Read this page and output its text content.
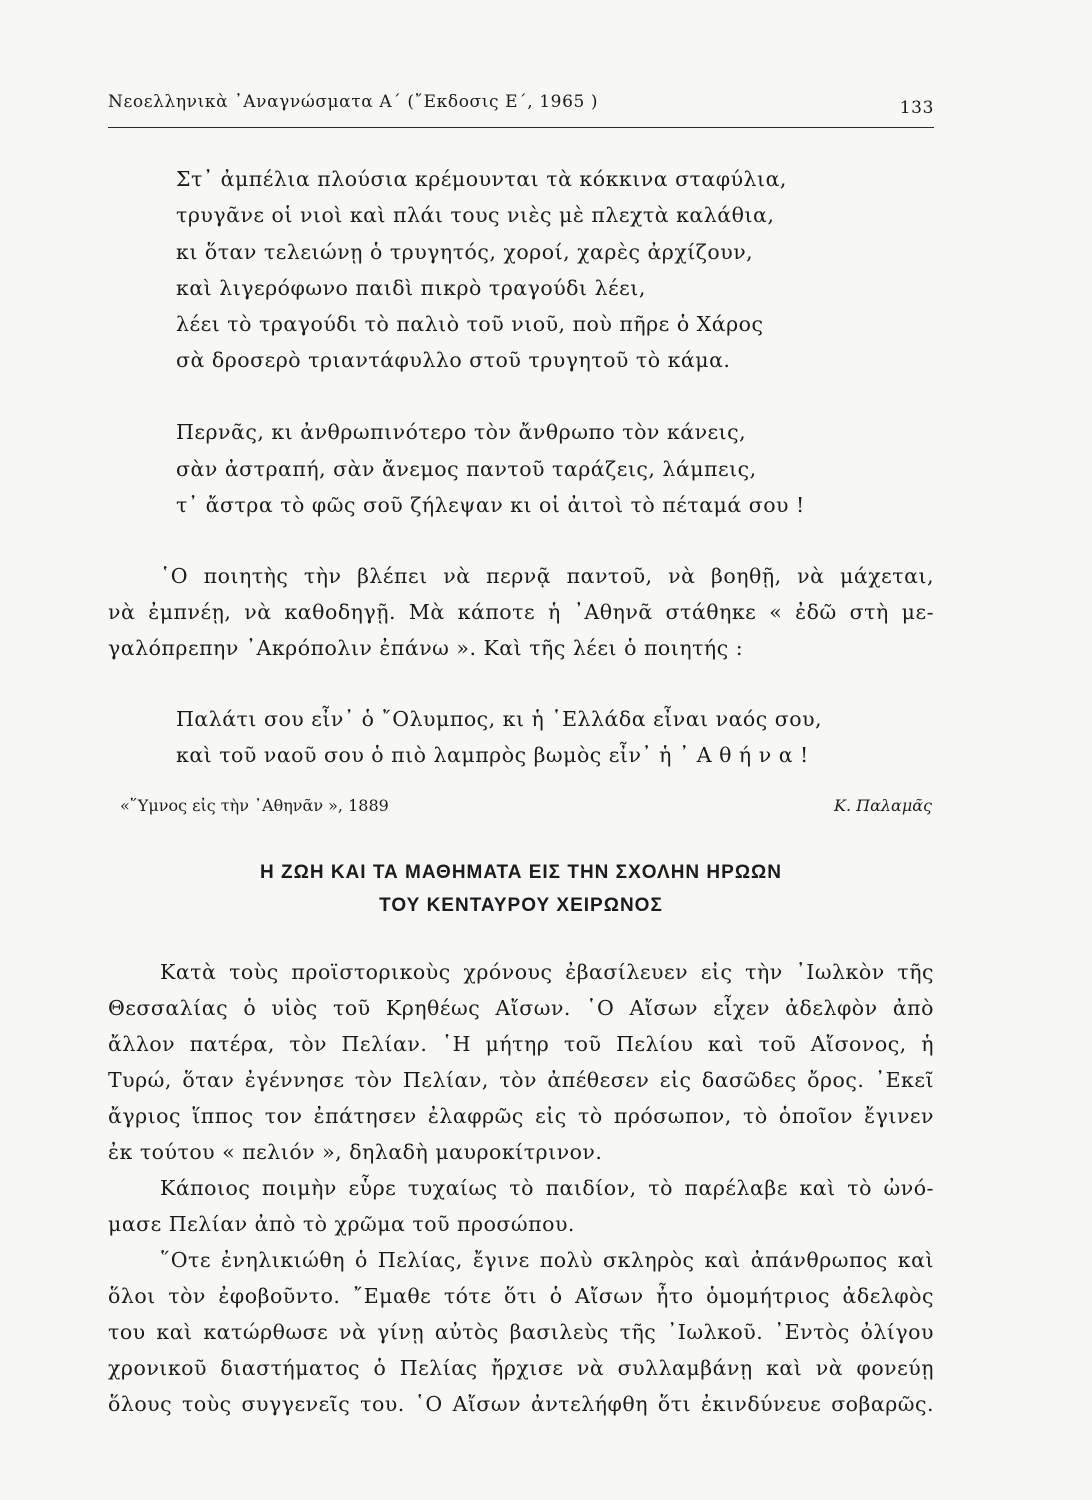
Νεοελληνικὰ ᾿Αναγνώσματα Α΄ (῎Εκδοσις Ε΄, 1965 )	133
Στ᾿ ἀμπέλια πλούσια κρέμουνται τὰ κόκκινα σταφύλια,
τρυγᾶνε οἱ νιοὶ καὶ πλάι τους νιὲς μὲ πλεχτὰ καλάθια,
κι ὅταν τελειώνῃ ὁ τρυγητός, χοροί, χαρὲς ἀρχίζουν,
καὶ λιγερόφωνο παιδὶ πικρὸ τραγούδι λέει,
λέει τὸ τραγούδι τὸ παλιὸ τοῦ νιοῦ, ποὺ πῆρε ὁ Χάρος
σὰ δροσερὸ τριαντάφυλλο στοῦ τρυγητοῦ τὸ κάμα.
Περνᾶς, κι ἀνθρωπινότερο τὸν ἄνθρωπο τὸν κάνεις,
σὰν ἀστραπή, σὰν ἄνεμος παντοῦ ταράζεις, λάμπεις,
τ᾿ ἄστρα τὸ φῶς σοῦ ζήλεψαν κι οἱ ἀιτοὶ τὸ πέταμά σου !
῾Ο ποιητὴς τὴν βλέπει νὰ περνᾷ παντοῦ, νὰ βοηθῇ, νὰ μάχεται,
νὰ ἐμπνέῃ, νὰ καθοδηγῇ. Μὰ κάποτε ἡ ᾿Αθηνᾶ στάθηκε « ἐδῶ στὴ με-
γαλόπρεπην ᾿Ακρόπολιν ἐπάνω ». Καὶ τῆς λέει ὁ ποιητής :
Παλάτι σου εἶν᾿ ὁ ῎Ολυμπος, κι ἡ ῾Ελλάδα εἶναι ναός σου,
καὶ τοῦ ναοῦ σου ὁ πιὸ λαμπρὸς βωμὸς εἶν᾿ ἡ ᾿ Α θ ή ν α !
«῞Υμνος εἰς τὴν ᾿Αθηνᾶν », 1889	Κ. Παλαμᾶς
Η ΖΩΗ ΚΑΙ ΤΑ ΜΑΘΗΜΑΤΑ ΕΙΣ ΤΗΝ ΣΧΟΛΗΝ ΗΡΩΩΝ
ΤΟΥ ΚΕΝΤΑΥΡΟΥ ΧΕΙΡΩΝΟΣ
Κατὰ τοὺς προϊστορικοὺς χρόνους ἐβασίλευεν εἰς τὴν ᾿Ιωλκὸν τῆς
Θεσσαλίας ὁ υἱὸς τοῦ Κρηθέως Αἴσων. ῾Ο Αἴσων εἶχεν ἀδελφὸν ἀπὸ
ἄλλον πατέρα, τὸν Πελίαν. ῾Η μήτηρ τοῦ Πελίου καὶ τοῦ Αἴσονος, ἡ
Τυρώ, ὅταν ἐγέννησε τὸν Πελίαν, τὸν ἀπέθεσεν εἰς δασῶδες ὄρος. ᾿Εκεῖ
ἄγριος ἵππος τον ἐπάτησεν ἐλαφρῶς εἰς τὸ πρόσωπον, τὸ ὁποῖον ἔγινεν
ἐκ τούτου « πελιόν », δηλαδὴ μαυροκίτρινον.
Κάποιος ποιμὴν εὗρε τυχαίως τὸ παιδίον, τὸ παρέλαβε καὶ τὸ ὠνό-
μασε Πελίαν ἀπὸ τὸ χρῶμα τοῦ προσώπου.
῞Οτε ἐνηλικιώθη ὁ Πελίας, ἔγινε πολὺ σκληρὸς καὶ ἀπάνθρωπος καὶ
ὅλοι τὸν ἐφοβοῦντο. ῎Εμαθε τότε ὅτι ὁ Αἴσων ἦτο ὁμομήτριος ἀδελφὸς
του καὶ κατώρθωσε νὰ γίνῃ αὐτὸς βασιλεὺς τῆς ᾿Ιωλκοῦ. ᾿Εντὸς ὀλίγου
χρονικοῦ διαστήματος ὁ Πελίας ἤρχισε νὰ συλλαμβάνῃ καὶ νὰ φονεύῃ
ὅλους τοὺς συγγενεῖς του. ῾Ο Αἴσων ἀντελήφθη ὅτι ἐκινδύνευε σοβαρῶς.
